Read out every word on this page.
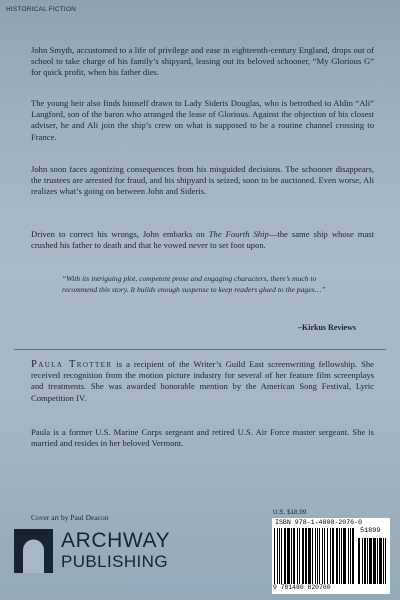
HISTORICAL FICTION

John Smyth, accustomed to a life of privilege and ease in eighteenth-century England, drops out of school to take charge of his family’s shipyard, leasing out its beloved schooner, “My Glorious G” for quick profit, when his father dies.

The young heir also finds himself drawn to Lady Sideris Douglas, who is betrothed to Aldin “Ali” Langford, son of the baron who arranged the lease of Glorious. Against the objection of his closest adviser, he and Ali join the ship’s crew on what is supposed to be a routine channel crossing to France.

John soon faces agonizing consequences from his misguided decisions. The schooner disappears, the trustees are arrested for fraud, and his shipyard is seized, soon to be auctioned. Even worse, Ali realizes what’s going on between John and Sideris.

Driven to correct his wrongs, John embarks on The Fourth Ship—the same ship whose mast crushed his father to death and that he vowed never to set foot upon.

“With its intriguing plot, competent prose and engaging characters, there’s much to recommend this story. It builds enough suspense to keep readers glued to the pages…”
–Kirkus Reviews
Paula Trotter is a recipient of the Writer’s Guild East screenwriting fellowship. She received recognition from the motion picture industry for several of her feature film screenplays and treatments. She was awarded honorable mention by the American Song Festival, Lyric Competition IV.
Paula is a former U.S. Marine Corps sergeant and retired U.S. Air Force master sergeant. She is married and resides in her beloved Vermont.
Cover art by Paul Deacon
ARCHWAY
PUBLISHING
U.S. $18.99
ISBN 978-1-4808-2076-0
51899
9 781480 820760
